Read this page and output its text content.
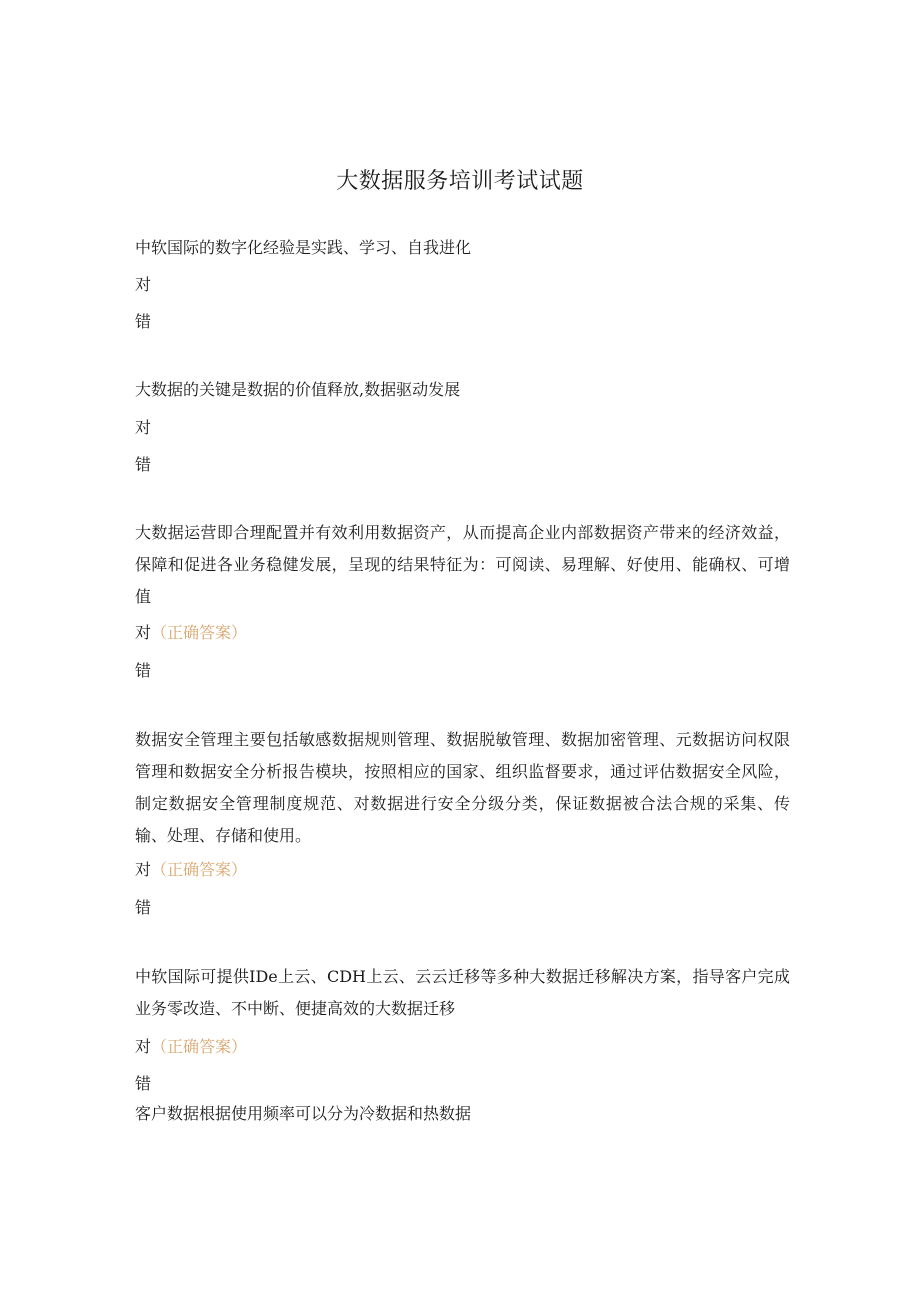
大数据服务培训考试试题

中软国际的数字化经验是实践、学习、自我进化

对
错

大数据的关键是数据的价值释放,数据驱动发展

对
错

大数据运营即合理配置并有效利用数据资产，从而提高企业内部数据资产带来的经济效益，保障和促进各业务稳健发展，呈现的结果特征为：可阅读、易理解、好使用、能确权、可增值

对（正确答案）
错

数据安全管理主要包括敏感数据规则管理、数据脱敏管理、数据加密管理、元数据访问权限管理和数据安全分析报告模块，按照相应的国家、组织监督要求，通过评估数据安全风险，制定数据安全管理制度规范、对数据进行安全分级分类，保证数据被合法合规的采集、传输、处理、存储和使用。

对（正确答案）
错

中软国际可提供IDe上云、CDH上云、云云迁移等多种大数据迁移解决方案，指导客户完成业务零改造、不中断、便捷高效的大数据迁移

对（正确答案）
错

客户数据根据使用频率可以分为冷数据和热数据
